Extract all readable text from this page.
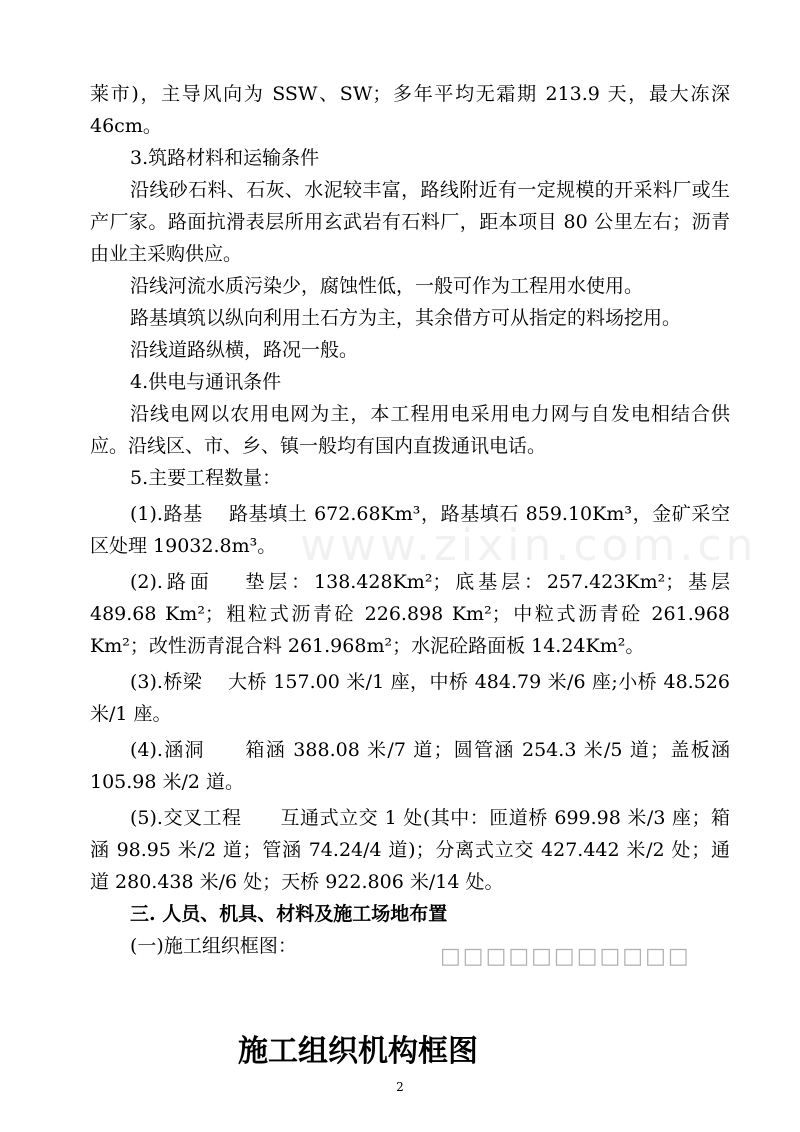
莱市)，主导风向为 SSW、SW；多年平均无霜期 213.9 天，最大冻深 46cm。

3.筑路材料和运输条件

沿线砂石料、石灰、水泥较丰富，路线附近有一定规模的开采料厂或生产厂家。路面抗滑表层所用玄武岩有石料厂，距本项目 80 公里左右；沥青由业主采购供应。

沿线河流水质污染少，腐蚀性低，一般可作为工程用水使用。

路基填筑以纵向利用土石方为主，其余借方可从指定的料场挖用。

沿线道路纵横，路况一般。

4.供电与通讯条件

沿线电网以农用电网为主，本工程用电采用电力网与自发电相结合供应。沿线区、市、乡、镇一般均有国内直拨通讯电话。

5.主要工程数量：

(1).路基　 路基填土 672.68Km³，路基填石 859.10Km³，金矿采空区处理 19032.8m³。

(2).路面　 垫层：138.428Km²；底基层：257.423Km²；基层 489.68 Km²；粗粒式沥青砼 226.898 Km²；中粒式沥青砼 261.968 Km²；改性沥青混合料 261.968m²；水泥砼路面板 14.24Km²。

(3).桥梁　 大桥 157.00 米/1 座，中桥 484.79 米/6 座;小桥 48.526 米/1 座。

(4).涵洞　　箱涵 388.08 米/7 道；圆管涵 254.3 米/5 道；盖板涵 105.98 米/2 道。

(5).交叉工程　　互通式立交 1 处(其中：匝道桥 699.98 米/3 座；箱涵 98.95 米/2 道；管涵 74.24/4 道)；分离式立交 427.442 米/2 处；通道 280.438 米/6 处；天桥 922.806 米/14 处。

三. 人员、机具、材料及施工场地布置

(一)施工组织框图：

www.zixin.com.cn
□□□□□□□□□□□
施工组织机构框图
2
